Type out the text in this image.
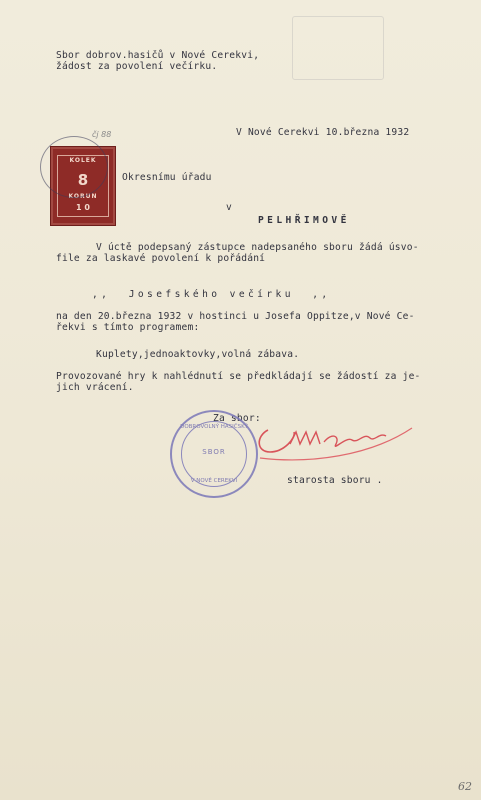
Sbor dobrov.hasičů v Nové Cerekvi,
žádost za povolení večírku.
čj 88	V Nové Cerekvi 10.března 1932
KOLEK
8
KORUN
1 0
Okresnímu úřadu
v
PELHŘIMOVĚ
V úctě podepsaný zástupce nadepsaného sboru žádá úsvo-
file za laskavé povolení k pořádání
,,  Josefského večírku  ,,
na den 20.března 1932 v hostinci u Josefa Oppitze,v Nové Ce-
řekvi s tímto programem:
Kuplety,jednoaktovky,volná zábava.
Provozované hry k nahlédnutí se předkládají se žádostí za je-
jich vrácení.
Za sbor:
DOBROVOLNÝ HASIČSKÝ
SBOR
V NOVÉ CEREKVI	starosta sboru .
62
